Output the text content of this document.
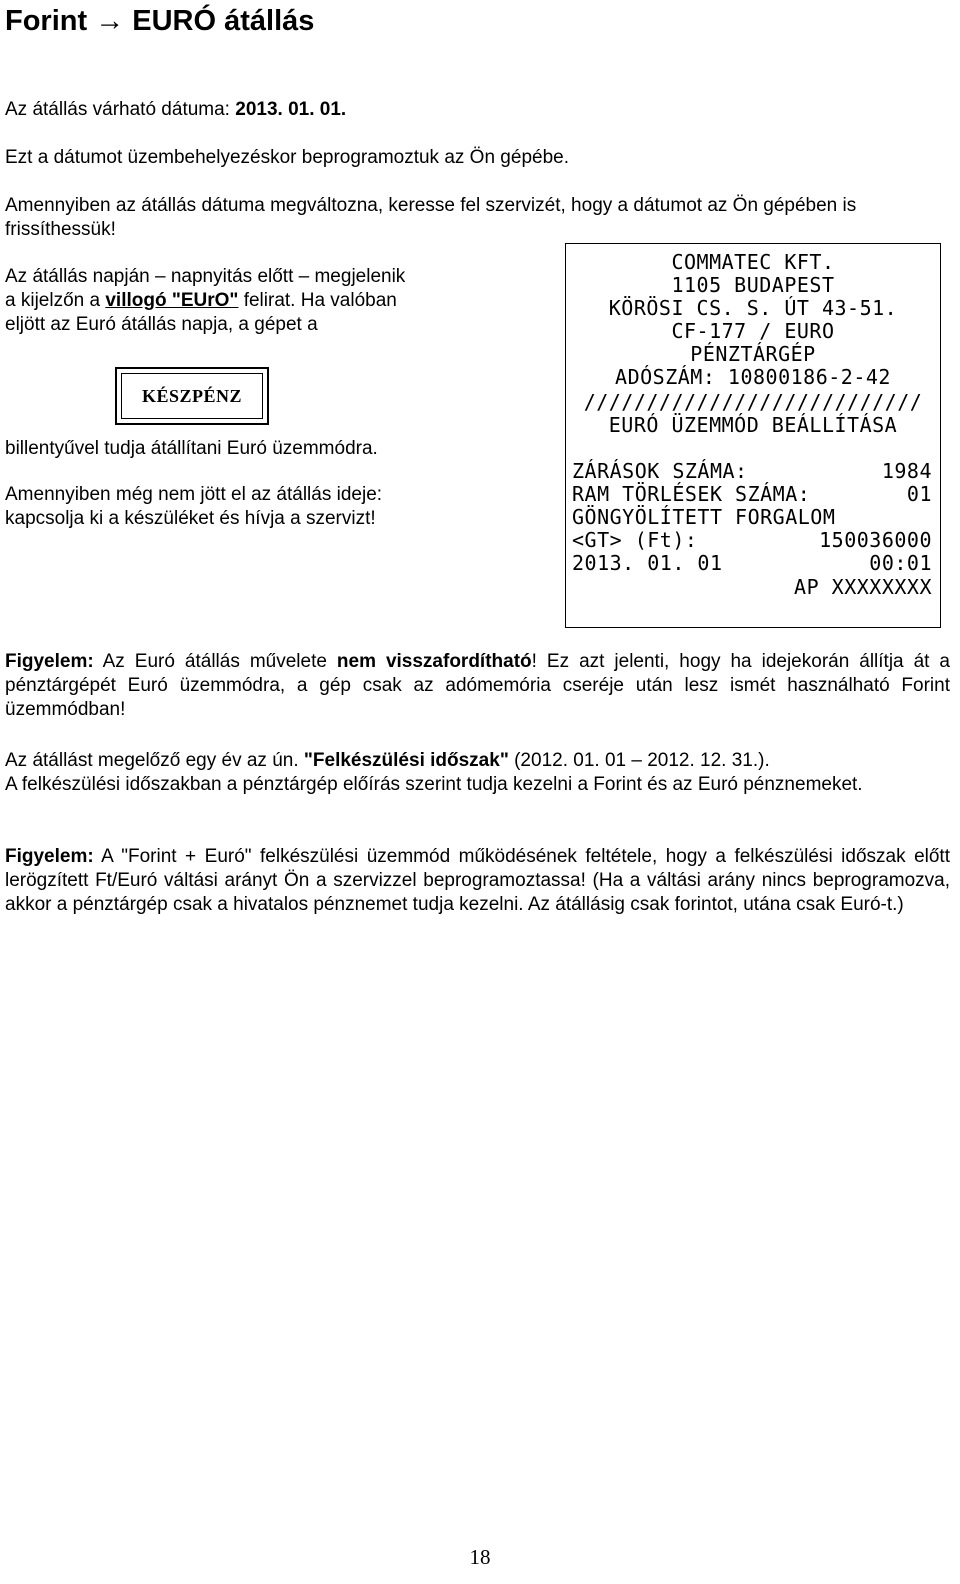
Forint → EURÓ átállás
Az átállás várható dátuma: 2013. 01. 01.
Ezt a dátumot üzembehelyezéskor beprogramoztuk az Ön gépébe.
Amennyiben az átállás dátuma megváltozna, keresse fel szervizét, hogy a dátumot az Ön gépében is
frissíthessük!
Az átállás napján – napnyitás előtt – megjelenik
a kijelzőn a villogó "EUrO" felirat. Ha valóban
eljött az Euró átállás napja, a gépet a
KÉSZPÉNZ
billentyűvel tudja átállítani Euró üzemmódra.
Amennyiben még nem jött el az átállás ideje:
kapcsolja ki a készüléket és hívja a szervizt!
COMMATEC KFT.
1105 BUDAPEST
KÖRÖSI CS. S. ÚT 43-51.
CF-177 / EURO
PÉNZTÁRGÉP
ADÓSZÁM: 10800186-2-42
///////////////////////////
EURÓ ÜZEMMÓD BEÁLLÍTÁSA
ZÁRÁSOK SZÁMA:	1984
RAM TÖRLÉSEK SZÁMA:	01
GÖNGYÖLÍTETT FORGALOM
<GT> (Ft):	150036000
2013. 01. 01	00:01
AP XXXXXXXX
Figyelem: Az Euró átállás művelete nem visszafordítható! Ez azt jelenti, hogy ha idejekorán állítja át a pénztárgépét Euró üzemmódra, a gép csak az adómemória cseréje után lesz ismét használható Forint üzemmódban!
Az átállást megelőző egy év az ún. "Felkészülési időszak" (2012. 01. 01 – 2012. 12. 31.).
A felkészülési időszakban a pénztárgép előírás szerint tudja kezelni a Forint és az Euró pénznemeket.
Figyelem: A "Forint + Euró" felkészülési üzemmód működésének feltétele, hogy a felkészülési időszak előtt lerögzített Ft/Euró váltási arányt Ön a szervizzel beprogramoztassa! (Ha a váltási arány nincs beprogramozva, akkor a pénztárgép csak a hivatalos pénznemet tudja kezelni. Az átállásig csak forintot, utána csak Euró-t.)
18
